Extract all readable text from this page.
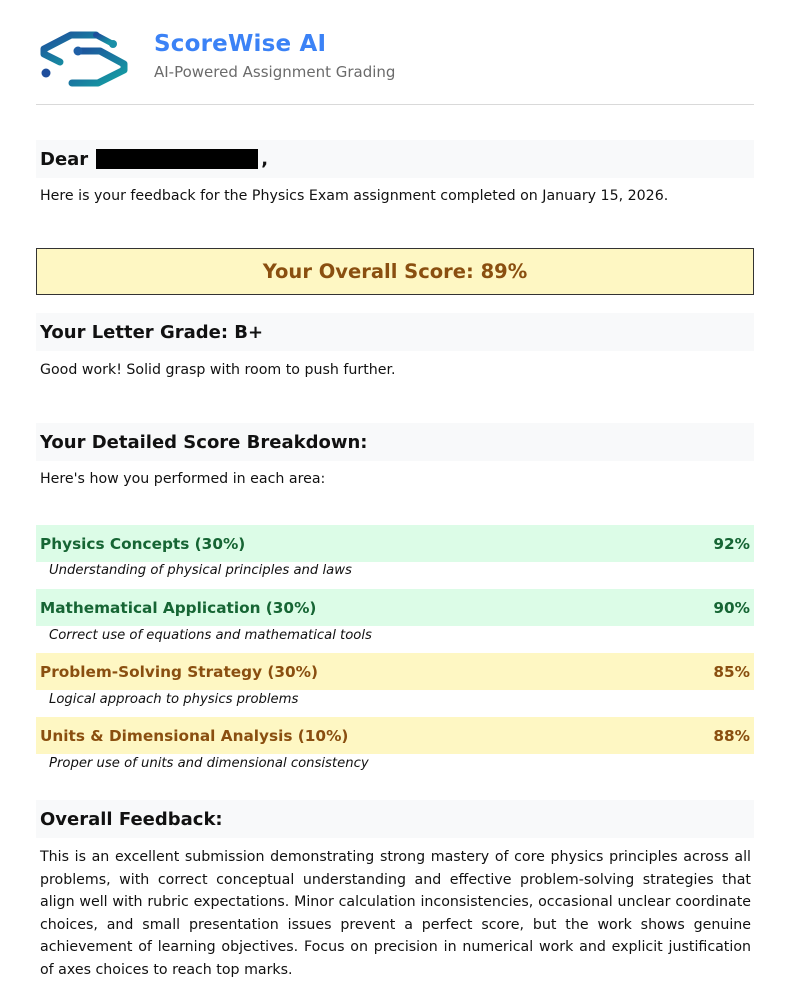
ScoreWise AI
AI-Powered Assignment Grading
Dear	,
Here is your feedback for the Physics Exam assignment completed on January 15, 2026.
Your Overall Score: 89%
Your Letter Grade: B+
Good work! Solid grasp with room to push further.
Your Detailed Score Breakdown:
Here's how you performed in each area:
Physics Concepts (30%)	92%
Understanding of physical principles and laws
Mathematical Application (30%)	90%
Correct use of equations and mathematical tools
Problem-Solving Strategy (30%)	85%
Logical approach to physics problems
Units & Dimensional Analysis (10%)	88%
Proper use of units and dimensional consistency
Overall Feedback:
This is an excellent submission demonstrating strong mastery of core physics principles across all problems, with correct conceptual understanding and effective problem-solving strategies that align well with rubric expectations. Minor calculation inconsistencies, occasional unclear coordinate choices, and small presentation issues prevent a perfect score, but the work shows genuine achievement of learning objectives. Focus on precision in numerical work and explicit justification of axes choices to reach top marks.
